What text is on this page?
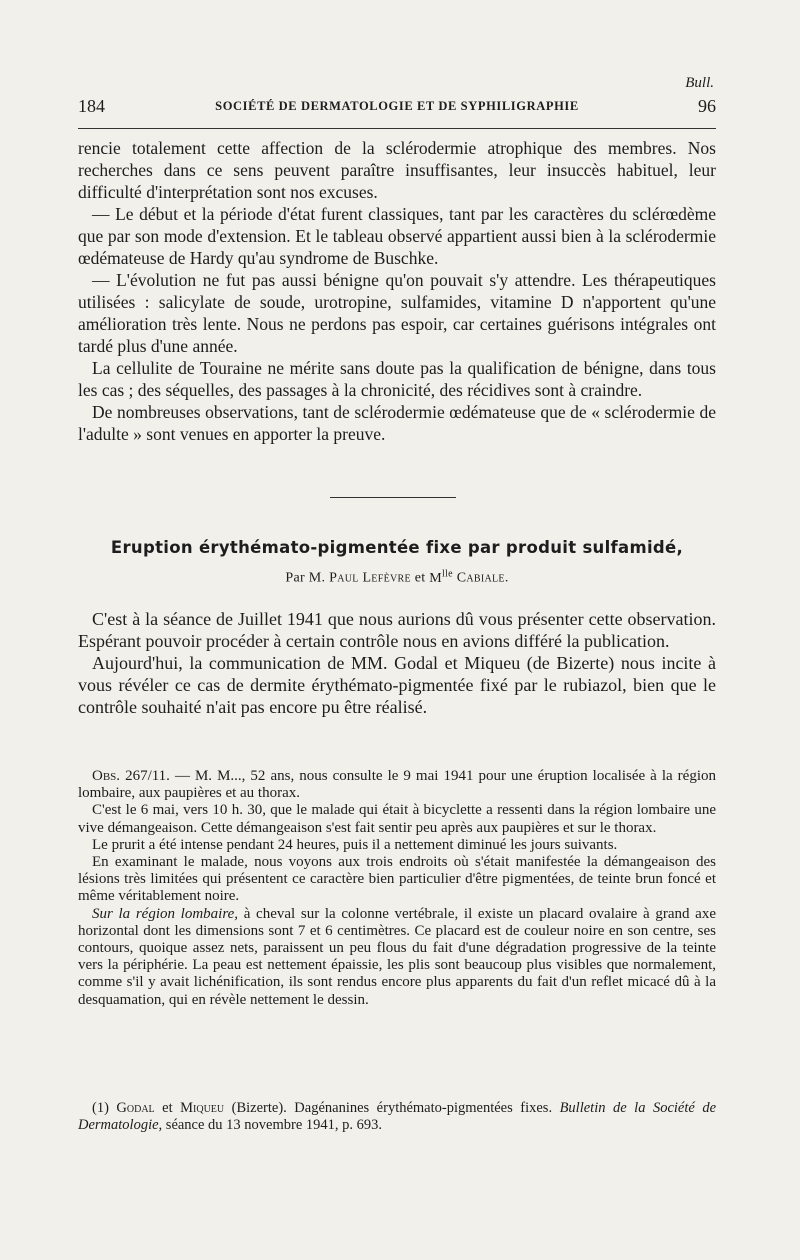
Bull.
184	SOCIÉTÉ DE DERMATOLOGIE ET DE SYPHILIGRAPHIE	96

rencie totalement cette affection de la sclérodermie atrophique des membres. Nos recherches dans ce sens peuvent paraître insuffisantes, leur insuccès habituel, leur difficulté d'interprétation sont nos excuses.

— Le début et la période d'état furent classiques, tant par les caractères du sclérœdème que par son mode d'extension. Et le tableau observé appartient aussi bien à la sclérodermie œdémateuse de Hardy qu'au syndrome de Buschke.

— L'évolution ne fut pas aussi bénigne qu'on pouvait s'y attendre. Les thérapeutiques utilisées : salicylate de soude, urotropine, sulfamides, vitamine D n'apportent qu'une amélioration très lente. Nous ne perdons pas espoir, car certaines guérisons intégrales ont tardé plus d'une année.

La cellulite de Touraine ne mérite sans doute pas la qualification de bénigne, dans tous les cas ; des séquelles, des passages à la chronicité, des récidives sont à craindre.

De nombreuses observations, tant de sclérodermie œdémateuse que de « sclérodermie de l'adulte » sont venues en apporter la preuve.

Eruption érythémato-pigmentée fixe par produit sulfamidé,
Par M. Paul Lefèvre et $M^{lle}$ Cabiale.

C'est à la séance de Juillet 1941 que nous aurions dû vous présenter cette observation. Espérant pouvoir procéder à certain contrôle nous en avions différé la publication.

Aujourd'hui, la communication de MM. Godal et Miqueu (de Bizerte) nous incite à vous révéler ce cas de dermite érythémato-pigmentée fixé par le rubiazol, bien que le contrôle souhaité n'ait pas encore pu être réalisé.

Obs. 267/11. — M. M..., 52 ans, nous consulte le 9 mai 1941 pour une éruption localisée à la région lombaire, aux paupières et au thorax.

C'est le 6 mai, vers 10 h. 30, que le malade qui était à bicyclette a ressenti dans la région lombaire une vive démangeaison. Cette démangeaison s'est fait sentir peu après aux paupières et sur le thorax.

Le prurit a été intense pendant 24 heures, puis il a nettement diminué les jours suivants.

En examinant le malade, nous voyons aux trois endroits où s'était manifestée la démangeaison des lésions très limitées qui présentent ce caractère bien particulier d'être pigmentées, de teinte brun foncé et même véritablement noire.

Sur la région lombaire, à cheval sur la colonne vertébrale, il existe un placard ovalaire à grand axe horizontal dont les dimensions sont 7 et 6 centimètres. Ce placard est de couleur noire en son centre, ses contours, quoique assez nets, paraissent un peu flous du fait d'une dégradation progressive de la teinte vers la périphérie. La peau est nettement épaissie, les plis sont beaucoup plus visibles que normalement, comme s'il y avait lichénification, ils sont rendus encore plus apparents du fait d'un reflet micacé dû à la desquamation, qui en révèle nettement le dessin.

(1) Godal et Miqueu (Bizerte). Dagénanines érythémato-pigmentées fixes. Bulletin de la Société de Dermatologie, séance du 13 novembre 1941, p. 693.
